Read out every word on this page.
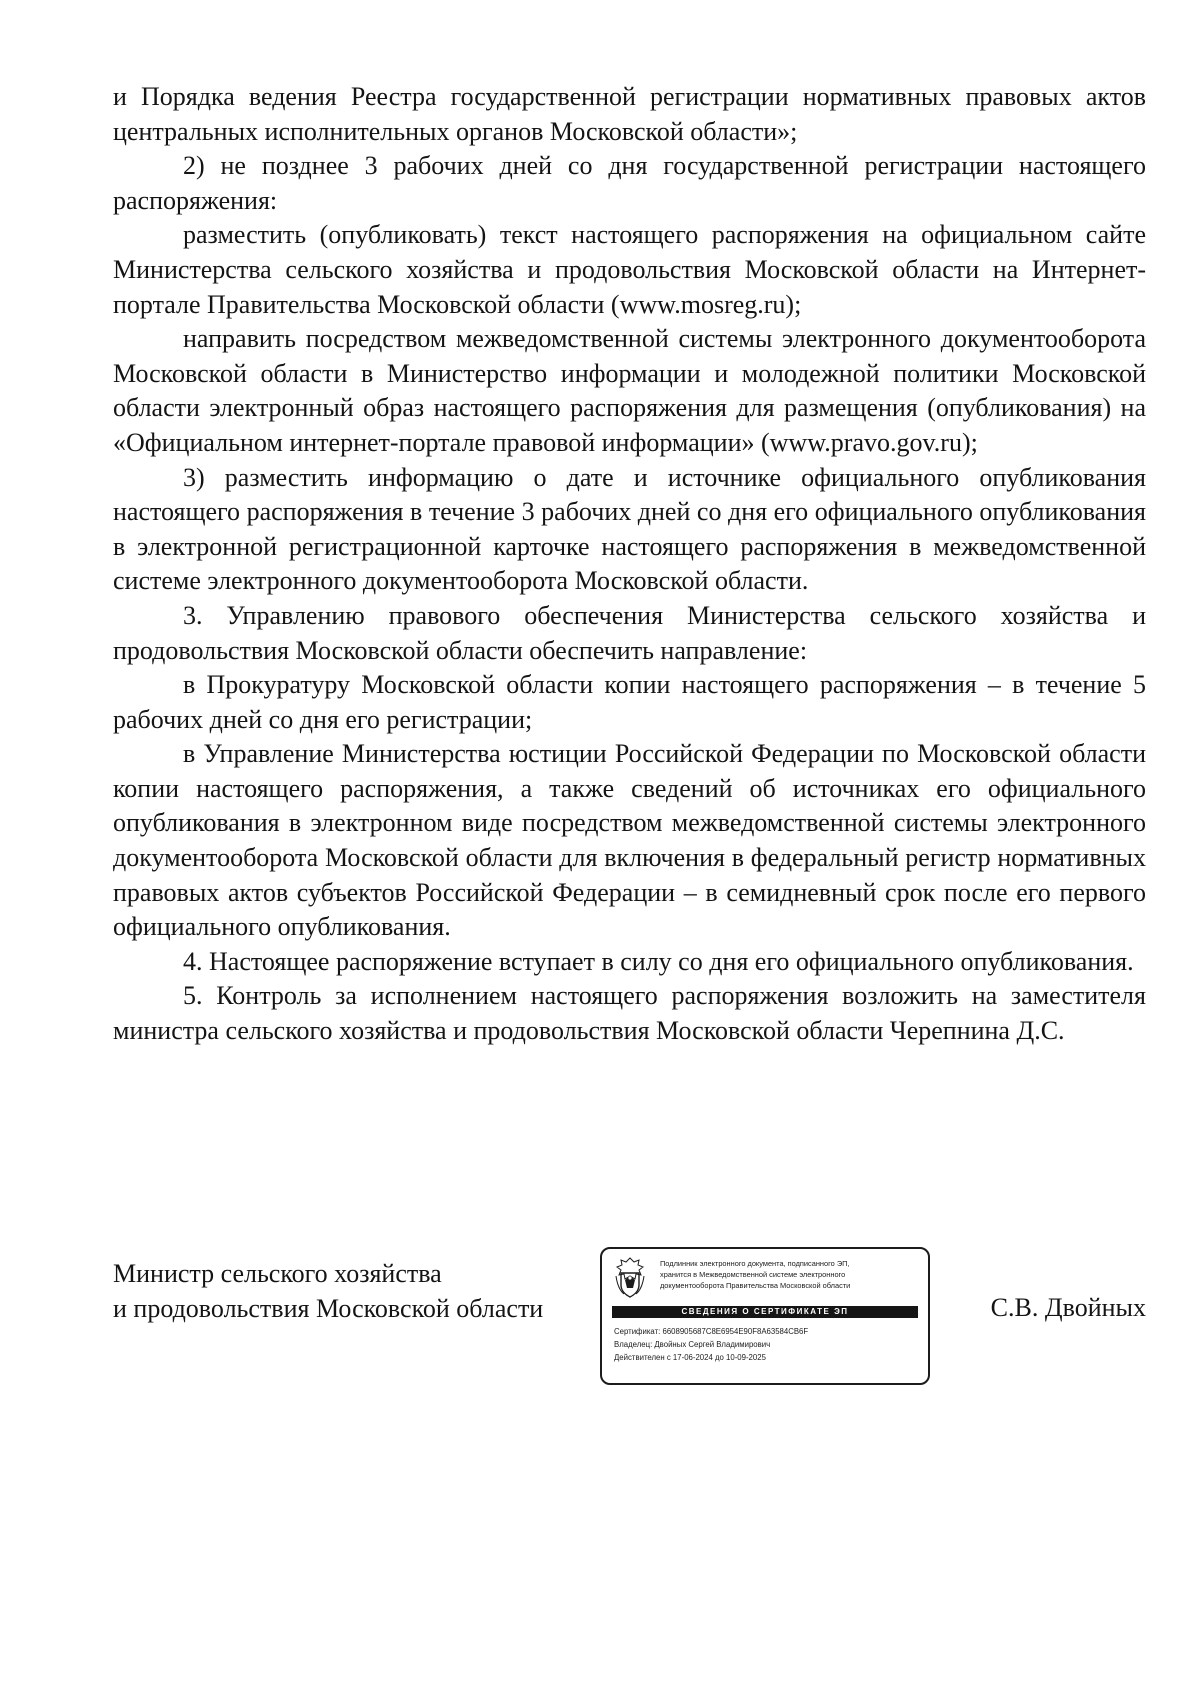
и Порядка ведения Реестра государственной регистрации нормативных правовых актов центральных исполнительных органов Московской области»;

2) не позднее 3 рабочих дней со дня государственной регистрации настоящего распоряжения:

разместить (опубликовать) текст настоящего распоряжения на официальном сайте Министерства сельского хозяйства и продовольствия Московской области на Интернет-портале Правительства Московской области (www.mosreg.ru);

направить посредством межведомственной системы электронного документооборота Московской области в Министерство информации и молодежной политики Московской области электронный образ настоящего распоряжения для размещения (опубликования) на «Официальном интернет-портале правовой информации» (www.pravo.gov.ru);

3) разместить информацию о дате и источнике официального опубликования настоящего распоряжения в течение 3 рабочих дней со дня его официального опубликования в электронной регистрационной карточке настоящего распоряжения в межведомственной системе электронного документооборота Московской области.

3. Управлению правового обеспечения Министерства сельского хозяйства и продовольствия Московской области обеспечить направление:

в Прокуратуру Московской области копии настоящего распоряжения – в течение 5 рабочих дней со дня его регистрации;

в Управление Министерства юстиции Российской Федерации по Московской области копии настоящего распоряжения, а также сведений об источниках его официального опубликования в электронном виде посредством межведомственной системы электронного документооборота Московской области для включения в федеральный регистр нормативных правовых актов субъектов Российской Федерации – в семидневный срок после его первого официального опубликования.

4. Настоящее распоряжение вступает в силу со дня его официального опубликования.

5. Контроль за исполнением настоящего распоряжения возложить на заместителя министра сельского хозяйства и продовольствия Московской области Черепнина Д.С.

Министр сельского хозяйства
и продовольствия Московской области
Подлинник электронного документа, подписанного ЭП,
хранится в Межведомственной системе электронного
документооборота Правительства Московской области
СВЕДЕНИЯ О СЕРТИФИКАТЕ ЭП
Сертификат: 6608905687C8E6954E90F8A63584CB6F
Владелец: Двойных Сергей Владимирович
Действителен с 17-06-2024 до 10-09-2025
С.В. Двойных
